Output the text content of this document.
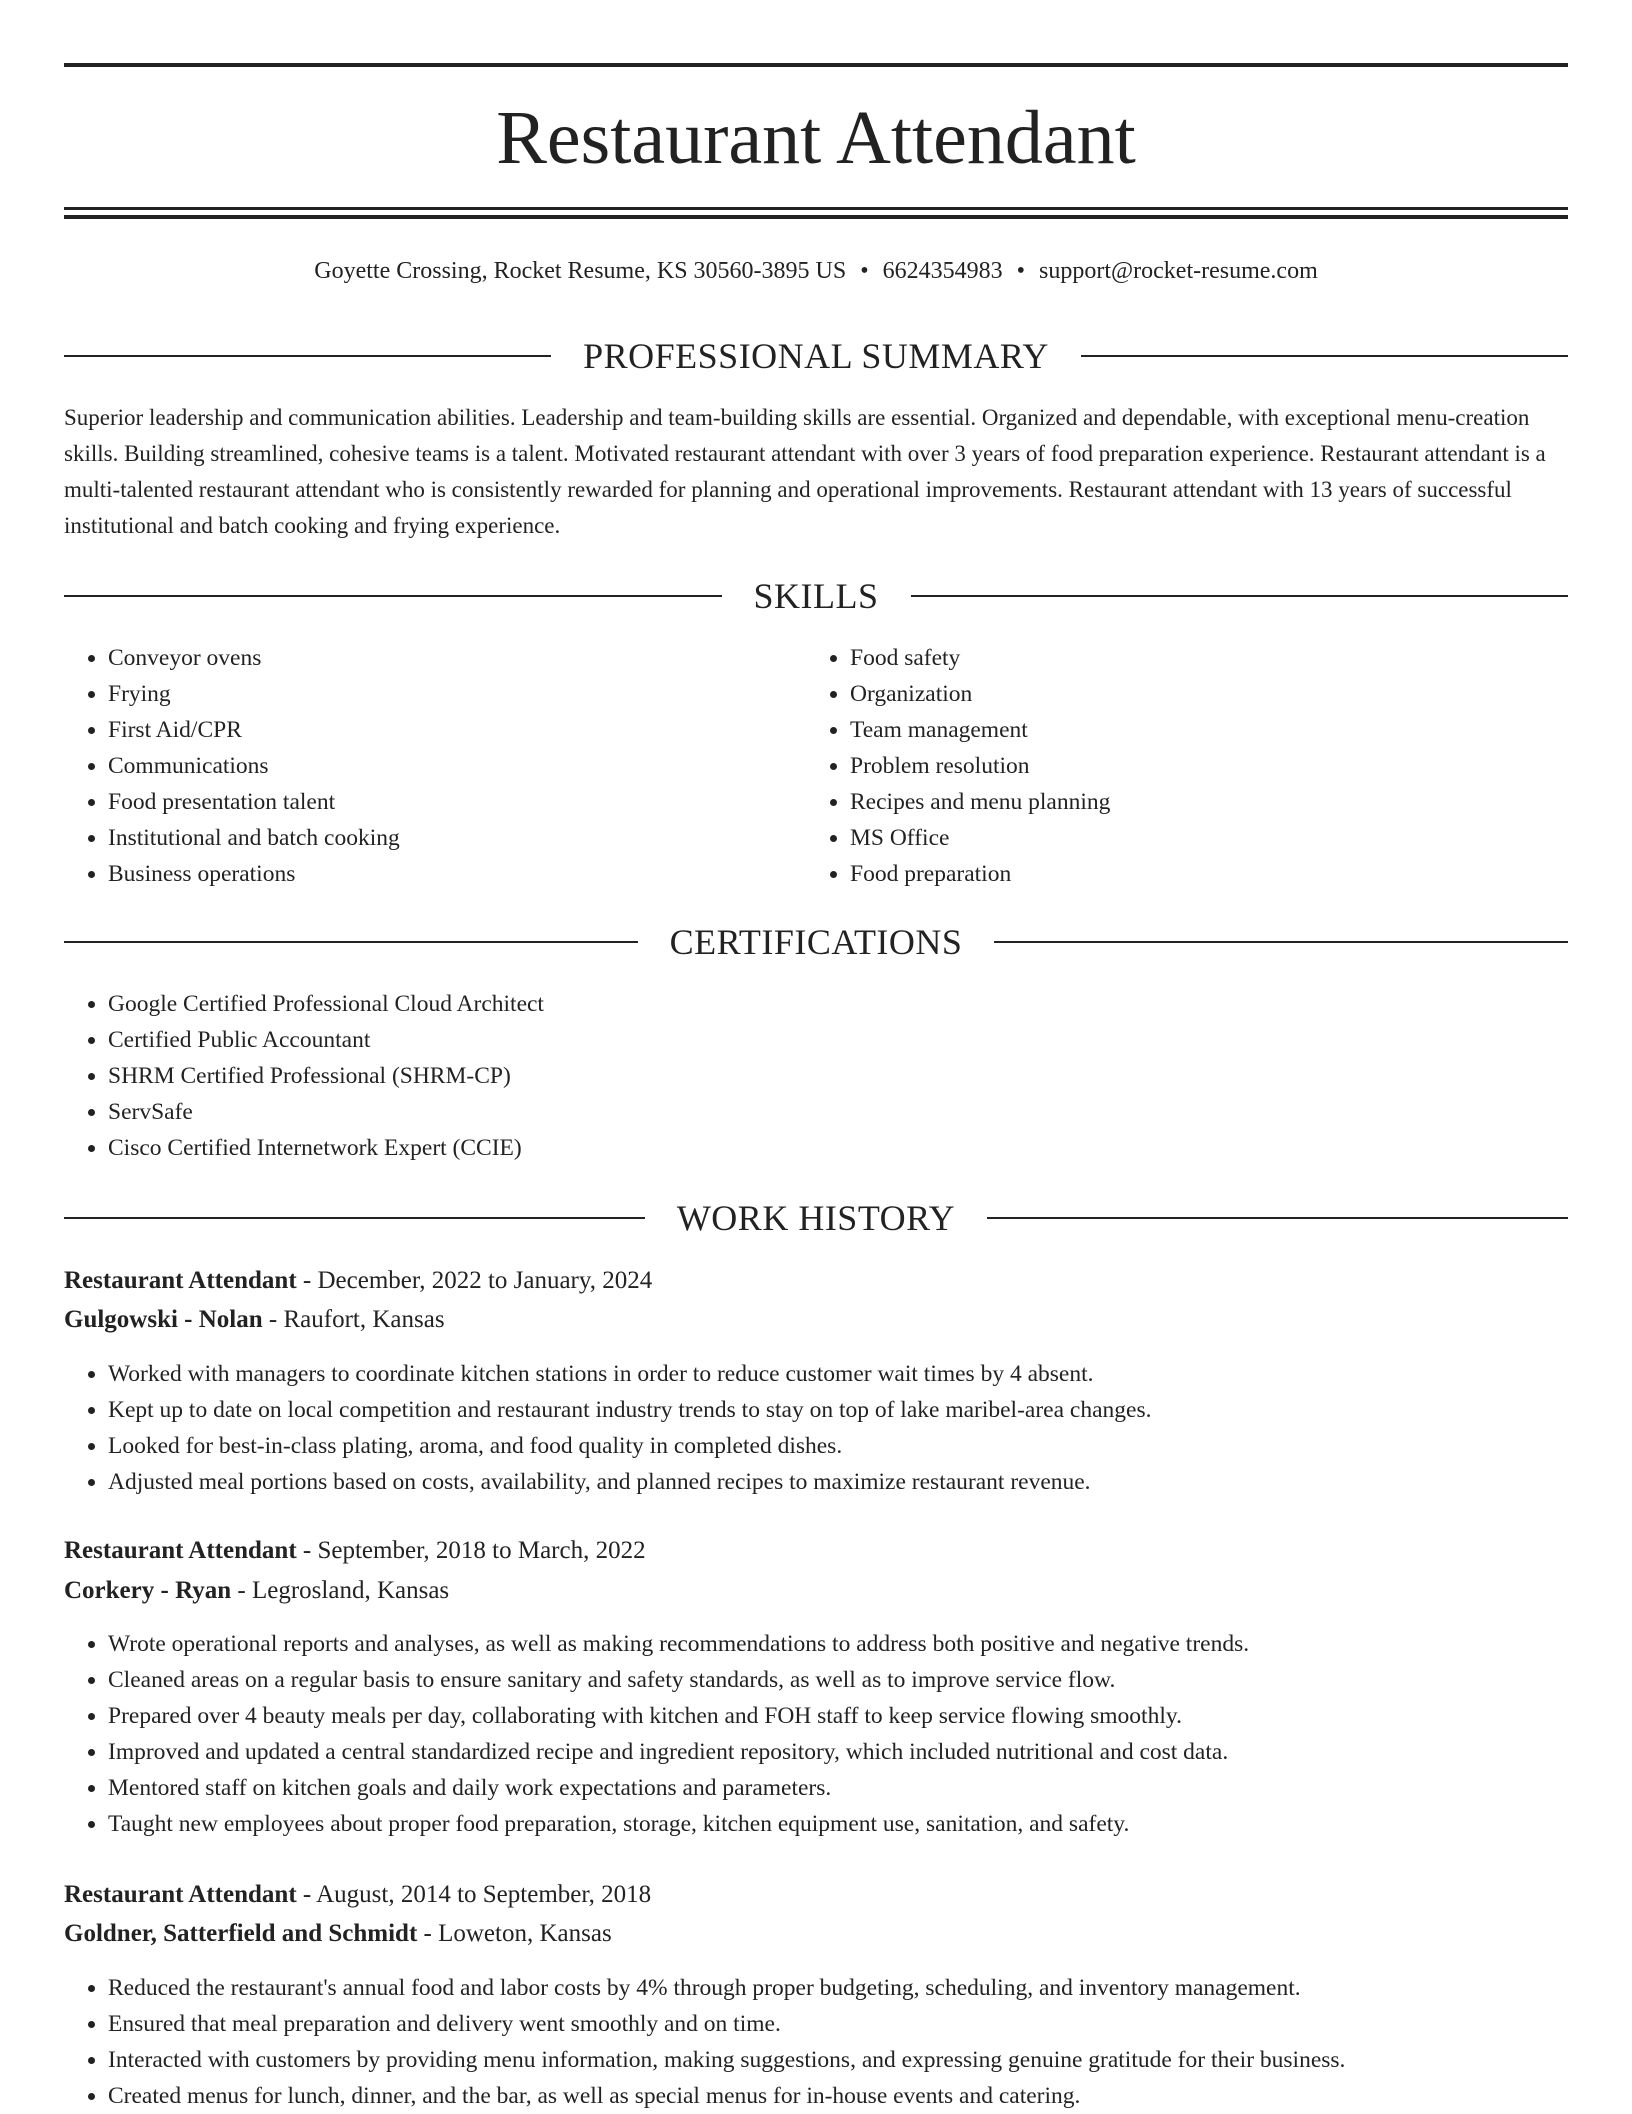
Restaurant Attendant
Goyette Crossing, Rocket Resume, KS 30560-3895 US • 6624354983 • support@rocket-resume.com
PROFESSIONAL SUMMARY

Superior leadership and communication abilities. Leadership and team-building skills are essential. Organized and dependable, with exceptional menu-creation skills. Building streamlined, cohesive teams is a talent. Motivated restaurant attendant with over 3 years of food preparation experience. Restaurant attendant is a multi-talented restaurant attendant who is consistently rewarded for planning and operational improvements. Restaurant attendant with 13 years of successful institutional and batch cooking and frying experience.

SKILLS
• Conveyor ovens
• Frying
• First Aid/CPR
• Communications
• Food presentation talent
• Institutional and batch cooking
• Business operations
• Food safety
• Organization
• Team management
• Problem resolution
• Recipes and menu planning
• MS Office
• Food preparation
CERTIFICATIONS
• Google Certified Professional Cloud Architect
• Certified Public Accountant
• SHRM Certified Professional (SHRM-CP)
• ServSafe
• Cisco Certified Internetwork Expert (CCIE)
WORK HISTORY
Restaurant Attendant - December, 2022 to January, 2024
Gulgowski - Nolan - Raufort, Kansas
• Worked with managers to coordinate kitchen stations in order to reduce customer wait times by 4 absent.
• Kept up to date on local competition and restaurant industry trends to stay on top of lake maribel-area changes.
• Looked for best-in-class plating, aroma, and food quality in completed dishes.
• Adjusted meal portions based on costs, availability, and planned recipes to maximize restaurant revenue.
Restaurant Attendant - September, 2018 to March, 2022
Corkery - Ryan - Legrosland, Kansas
• Wrote operational reports and analyses, as well as making recommendations to address both positive and negative trends.
• Cleaned areas on a regular basis to ensure sanitary and safety standards, as well as to improve service flow.
• Prepared over 4 beauty meals per day, collaborating with kitchen and FOH staff to keep service flowing smoothly.
• Improved and updated a central standardized recipe and ingredient repository, which included nutritional and cost data.
• Mentored staff on kitchen goals and daily work expectations and parameters.
• Taught new employees about proper food preparation, storage, kitchen equipment use, sanitation, and safety.
Restaurant Attendant - August, 2014 to September, 2018
Goldner, Satterfield and Schmidt - Loweton, Kansas
• Reduced the restaurant's annual food and labor costs by 4% through proper budgeting, scheduling, and inventory management.
• Ensured that meal preparation and delivery went smoothly and on time.
• Interacted with customers by providing menu information, making suggestions, and expressing genuine gratitude for their business.
• Created menus for lunch, dinner, and the bar, as well as special menus for in-house events and catering.
